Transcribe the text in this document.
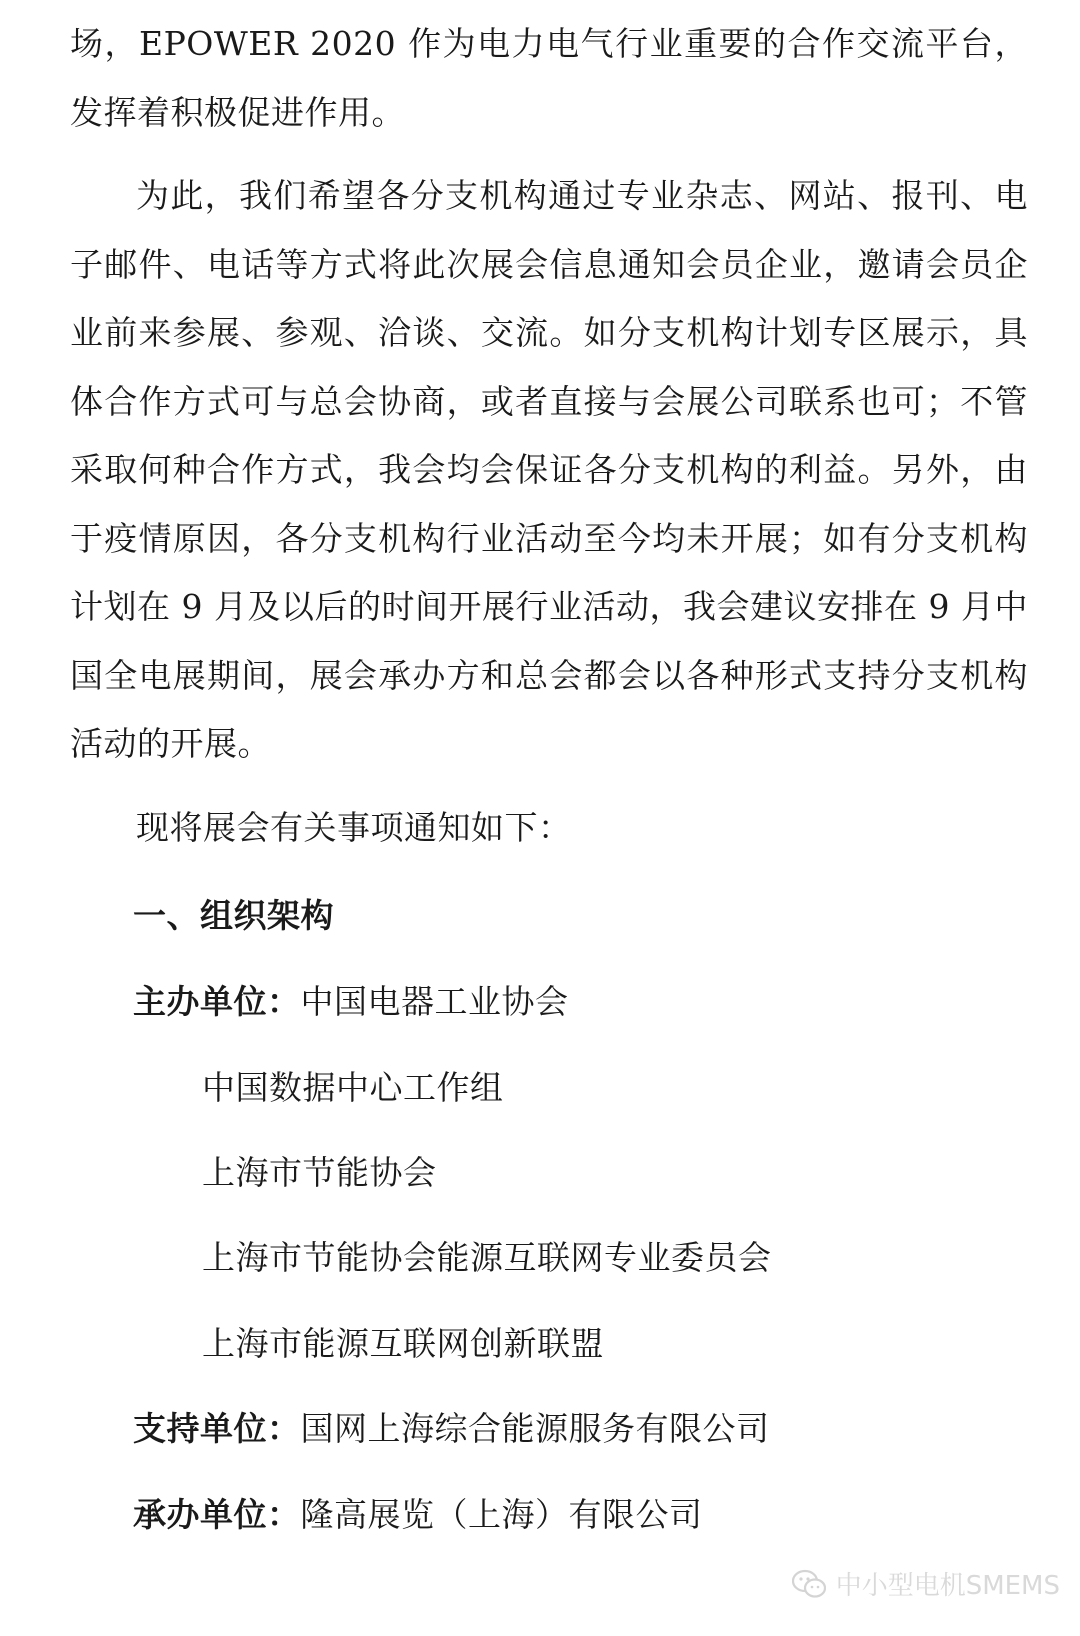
场，EPOWER 2020 作为电力电气行业重要的合作交流平台，发挥着积极促进作用。

为此，我们希望各分支机构通过专业杂志、网站、报刊、电子邮件、电话等方式将此次展会信息通知会员企业，邀请会员企业前来参展、参观、洽谈、交流。如分支机构计划专区展示，具体合作方式可与总会协商，或者直接与会展公司联系也可；不管采取何种合作方式，我会均会保证各分支机构的利益。另外，由于疫情原因，各分支机构行业活动至今均未开展；如有分支机构计划在 9 月及以后的时间开展行业活动，我会建议安排在 9 月中国全电展期间，展会承办方和总会都会以各种形式支持分支机构活动的开展。

现将展会有关事项通知如下：

一、组织架构

主办单位：中国电器工业协会

中国数据中心工作组

上海市节能协会

上海市节能协会能源互联网专业委员会

上海市能源互联网创新联盟

支持单位：国网上海综合能源服务有限公司

承办单位：隆高展览（上海）有限公司

中小型电机SMEMS
